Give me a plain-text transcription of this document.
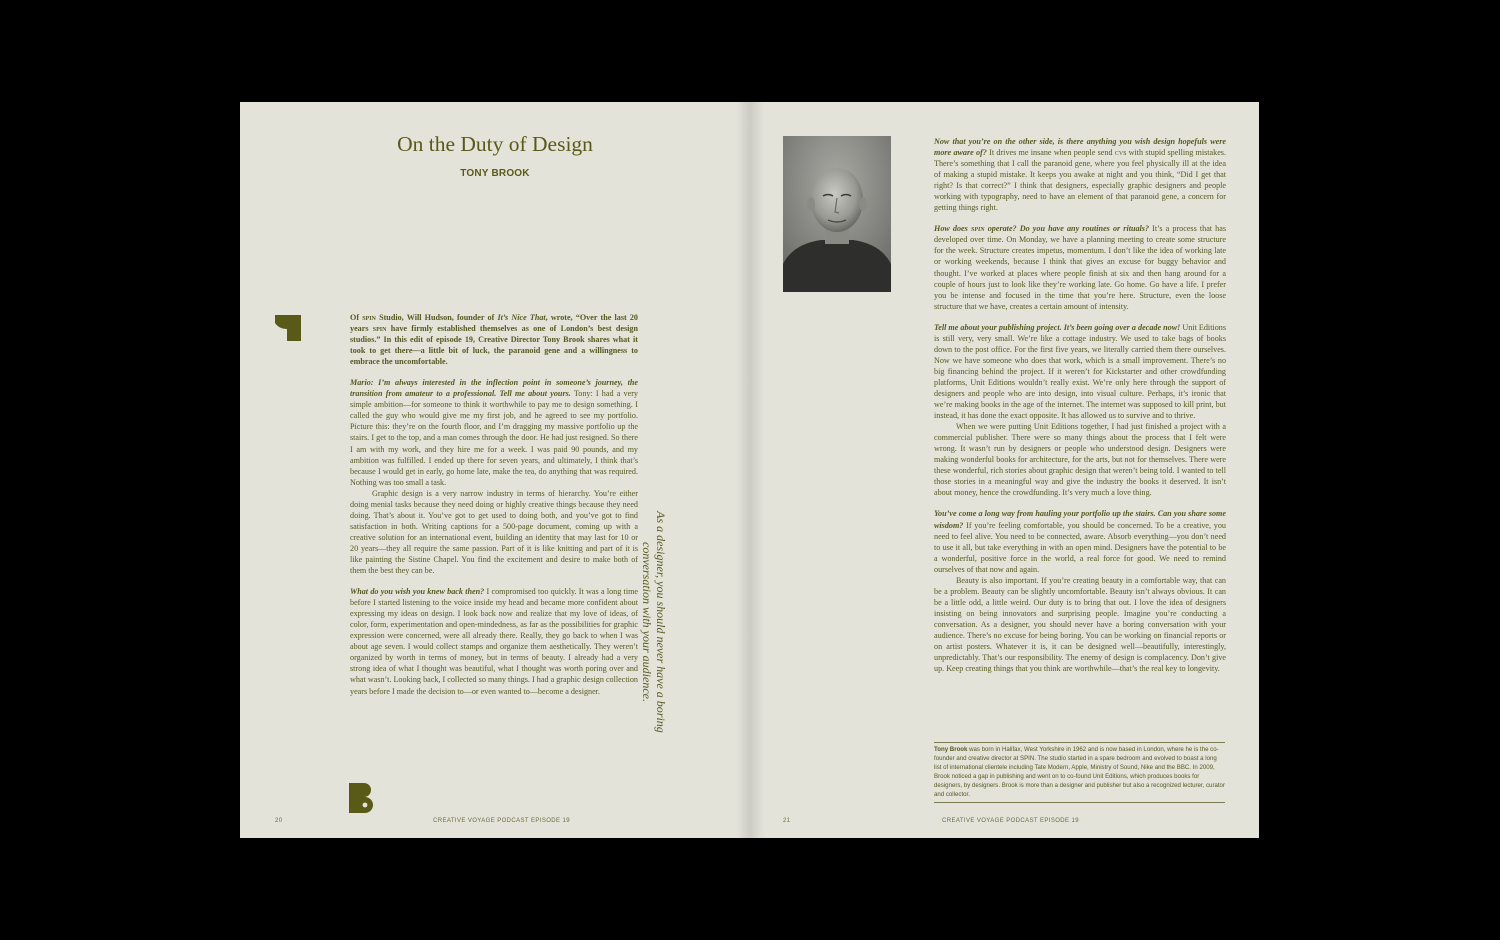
On the Duty of Design
TONY BROOK

Of spin Studio, Will Hudson, founder of It’s Nice That, wrote, “Over the last 20 years spin have firmly established themselves as one of London’s best design studios.” In this edit of episode 19, Creative Director Tony Brook shares what it took to get there—a little bit of luck, the paranoid gene and a willingness to embrace the uncomfortable.

Mario: I’m always interested in the inflection point in someone’s journey, the transition from amateur to a professional. Tell me about yours. Tony: I had a very simple ambition—for someone to think it worthwhile to pay me to design something. I called the guy who would give me my first job, and he agreed to see my portfolio. Picture this: they’re on the fourth floor, and I’m dragging my massive portfolio up the stairs. I get to the top, and a man comes through the door. He had just resigned. So there I am with my work, and they hire me for a week. I was paid 90 pounds, and my ambition was fulfilled. I ended up there for seven years, and ultimately, I think that’s because I would get in early, go home late, make the tea, do anything that was required. Nothing was too small a task.

Graphic design is a very narrow industry in terms of hierarchy. You’re either doing menial tasks because they need doing or highly creative things because they need doing. That’s about it. You’ve got to get used to doing both, and you’ve got to find satisfaction in both. Writing captions for a 500-page document, coming up with a creative solution for an international event, building an identity that may last for 10 or 20 years—they all require the same passion. Part of it is like knitting and part of it is like painting the Sistine Chapel. You find the excitement and desire to make both of them the best they can be.

What do you wish you knew back then? I compromised too quickly. It was a long time before I started listening to the voice inside my head and became more confident about expressing my ideas on design. I look back now and realize that my love of ideas, of color, form, experimentation and open-mindedness, as far as the possibilities for graphic expression were concerned, were all already there. Really, they go back to when I was about age seven. I would collect stamps and organize them aesthetically. They weren’t organized by worth in terms of money, but in terms of beauty. I already had a very strong idea of what I thought was beautiful, what I thought was worth poring over and what wasn’t. Looking back, I collected so many things. I had a graphic design collection years before I made the decision to—or even wanted to—become a designer.	As a designer, you should never have a boring conversation with your audience.
20	CREATIVE VOYAGE PODCAST EPISODE 19

Now that you’re on the other side, is there anything you wish design hopefuls were more aware of? It drives me insane when people send cvs with stupid spelling mistakes. There’s something that I call the paranoid gene, where you feel physically ill at the idea of making a stupid mistake. It keeps you awake at night and you think, “Did I get that right? Is that correct?” I think that designers, especially graphic designers and people working with typography, need to have an element of that paranoid gene, a concern for getting things right.

How does spin operate? Do you have any routines or rituals? It’s a process that has developed over time. On Monday, we have a planning meeting to create some structure for the week. Structure creates impetus, momentum. I don’t like the idea of working late or working weekends, because I think that gives an excuse for buggy behavior and thought. I’ve worked at places where people finish at six and then hang around for a couple of hours just to look like they’re working late. Go home. Go have a life. I prefer you be intense and focused in the time that you’re here. Structure, even the loose structure that we have, creates a certain amount of intensity.

Tell me about your publishing project. It’s been going over a decade now! Unit Editions is still very, very small. We’re like a cottage industry. We used to take bags of books down to the post office. For the first five years, we literally carried them there ourselves. Now we have someone who does that work, which is a small improvement. There’s no big financing behind the project. If it weren’t for Kickstarter and other crowdfunding platforms, Unit Editions wouldn’t really exist. We’re only here through the support of designers and people who are into design, into visual culture. Perhaps, it’s ironic that we’re making books in the age of the internet. The internet was supposed to kill print, but instead, it has done the exact opposite. It has allowed us to survive and to thrive.

When we were putting Unit Editions together, I had just finished a project with a commercial publisher. There were so many things about the process that I felt were wrong. It wasn’t run by designers or people who understood design. Designers were making wonderful books for architecture, for the arts, but not for themselves. There were these wonderful, rich stories about graphic design that weren’t being told. I wanted to tell those stories in a meaningful way and give the industry the books it deserved. It isn’t about money, hence the crowdfunding. It’s very much a love thing.

You’ve come a long way from hauling your portfolio up the stairs. Can you share some wisdom? If you’re feeling comfortable, you should be concerned. To be a creative, you need to feel alive. You need to be connected, aware. Absorb everything—you don’t need to use it all, but take everything in with an open mind. Designers have the potential to be a wonderful, positive force in the world, a real force for good. We need to remind ourselves of that now and again.

Beauty is also important. If you’re creating beauty in a comfortable way, that can be a problem. Beauty can be slightly uncomfortable. Beauty isn’t always obvious. It can be a little odd, a little weird. Our duty is to bring that out. I love the idea of designers insisting on being innovators and surprising people. Imagine you’re conducting a conversation. As a designer, you should never have a boring conversation with your audience. There’s no excuse for being boring. You can be working on financial reports or on artist posters. Whatever it is, it can be designed well—beautifully, interestingly, unpredictably. That’s our responsibility. The enemy of design is complacency. Don’t give up. Keep creating things that you think are worthwhile—that’s the real key to longevity.

Tony Brook was born in Halifax, West Yorkshire in 1962 and is now based in London, where he is the co-founder and creative director at SPIN. The studio started in a spare bedroom and evolved to boast a long list of international clientele including Tate Modern, Apple, Ministry of Sound, Nike and the BBC. In 2009, Brook noticed a gap in publishing and went on to co-found Unit Editions, which produces books for designers, by designers. Brook is more than a designer and publisher but also a recognized lecturer, curator and collector.
21	CREATIVE VOYAGE PODCAST EPISODE 19
